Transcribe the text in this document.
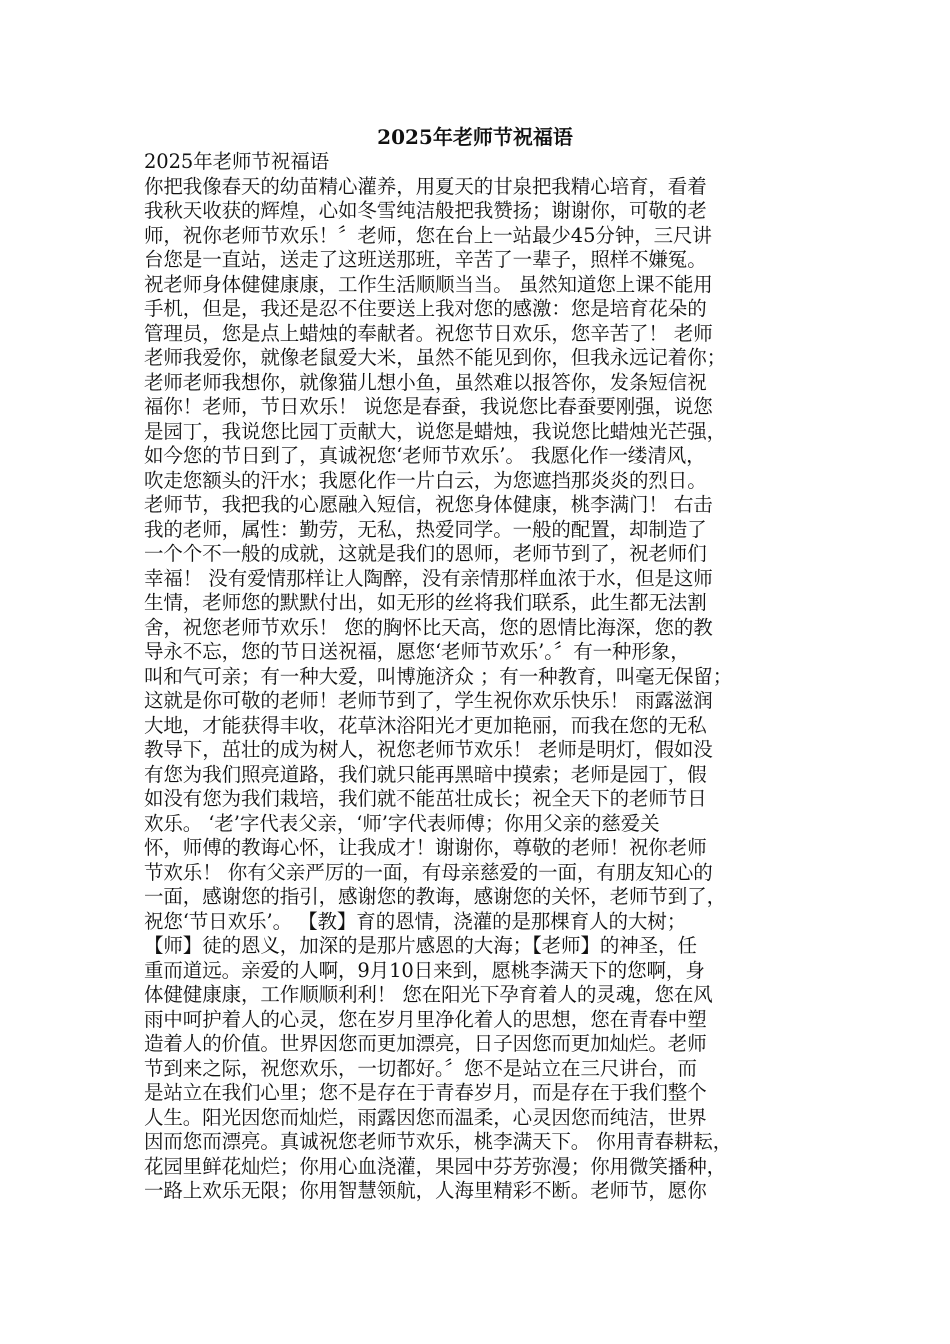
2025年老师节祝福语
2025年老师节祝福语
你把我像春天的幼苗精心灌养，用夏天的甘泉把我精心培育，看着
我秋天收获的辉煌，心如冬雪纯洁般把我赞扬；谢谢你，可敬的老
师，祝你老师节欢乐！〞老师，您在台上一站最少45分钟，三尺讲
台您是一直站，送走了这班送那班，辛苦了一辈子，照样不嫌冤。
祝老师身体健健康康，工作生活顺顺当当。 虽然知道您上课不能用
手机，但是，我还是忍不住要送上我对您的感激：您是培育花朵的
管理员，您是点上蜡烛的奉献者。祝您节日欢乐，您辛苦了！ 老师
老师我爱你，就像老鼠爱大米，虽然不能见到你，但我永远记着你；
老师老师我想你，就像猫儿想小鱼，虽然难以报答你，发条短信祝
福你！老师，节日欢乐！ 说您是春蚕，我说您比春蚕要刚强，说您
是园丁，我说您比园丁贡献大，说您是蜡烛，我说您比蜡烛光芒强，
如今您的节日到了，真诚祝您‘老师节欢乐’。 我愿化作一缕清风，
吹走您额头的汗水；我愿化作一片白云，为您遮挡那炎炎的烈日。
老师节，我把我的心愿融入短信，祝您身体健康，桃李满门！ 右击
我的老师，属性：勤劳，无私，热爱同学。一般的配置，却制造了
一个个不一般的成就，这就是我们的恩师，老师节到了，祝老师们
幸福！ 没有爱情那样让人陶醉，没有亲情那样血浓于水，但是这师
生情，老师您的默默付出，如无形的丝将我们联系，此生都无法割
舍，祝您老师节欢乐！ 您的胸怀比天高，您的恩情比海深，您的教
导永不忘，您的节日送祝福，愿您‘老师节欢乐’。〞有一种形象，
叫和气可亲；有一种大爱，叫博施济众 ；有一种教育，叫毫无保留；
这就是你可敬的老师！老师节到了，学生祝你欢乐快乐！ 雨露滋润
大地，才能获得丰收，花草沐浴阳光才更加艳丽，而我在您的无私
教导下，茁壮的成为树人，祝您老师节欢乐！ 老师是明灯，假如没
有您为我们照亮道路，我们就只能再黑暗中摸索；老师是园丁，假
如没有您为我们栽培，我们就不能茁壮成长；祝全天下的老师节日
欢乐。 ‘老’字代表父亲，‘师’字代表师傅；你用父亲的慈爱关
怀，师傅的教诲心怀，让我成才！谢谢你，尊敬的老师！祝你老师
节欢乐！ 你有父亲严厉的一面，有母亲慈爱的一面，有朋友知心的
一面，感谢您的指引，感谢您的教诲，感谢您的关怀，老师节到了，
祝您‘节日欢乐’。 【教】育的恩情，浇灌的是那棵育人的大树；
【师】徒的恩义，加深的是那片感恩的大海；【老师】的神圣，任
重而道远。亲爱的人啊，9月10日来到，愿桃李满天下的您啊，身
体健健康康，工作顺顺利利！ 您在阳光下孕育着人的灵魂，您在风
雨中呵护着人的心灵，您在岁月里净化着人的思想，您在青春中塑
造着人的价值。世界因您而更加漂亮，日子因您而更加灿烂。老师
节到来之际，祝您欢乐，一切都好。〞您不是站立在三尺讲台，而
是站立在我们心里；您不是存在于青春岁月，而是存在于我们整个
人生。阳光因您而灿烂，雨露因您而温柔，心灵因您而纯洁，世界
因而您而漂亮。真诚祝您老师节欢乐，桃李满天下。 你用青春耕耘，
花园里鲜花灿烂；你用心血浇灌，果园中芬芳弥漫；你用微笑播种，
一路上欢乐无限；你用智慧领航，人海里精彩不断。老师节，愿你
